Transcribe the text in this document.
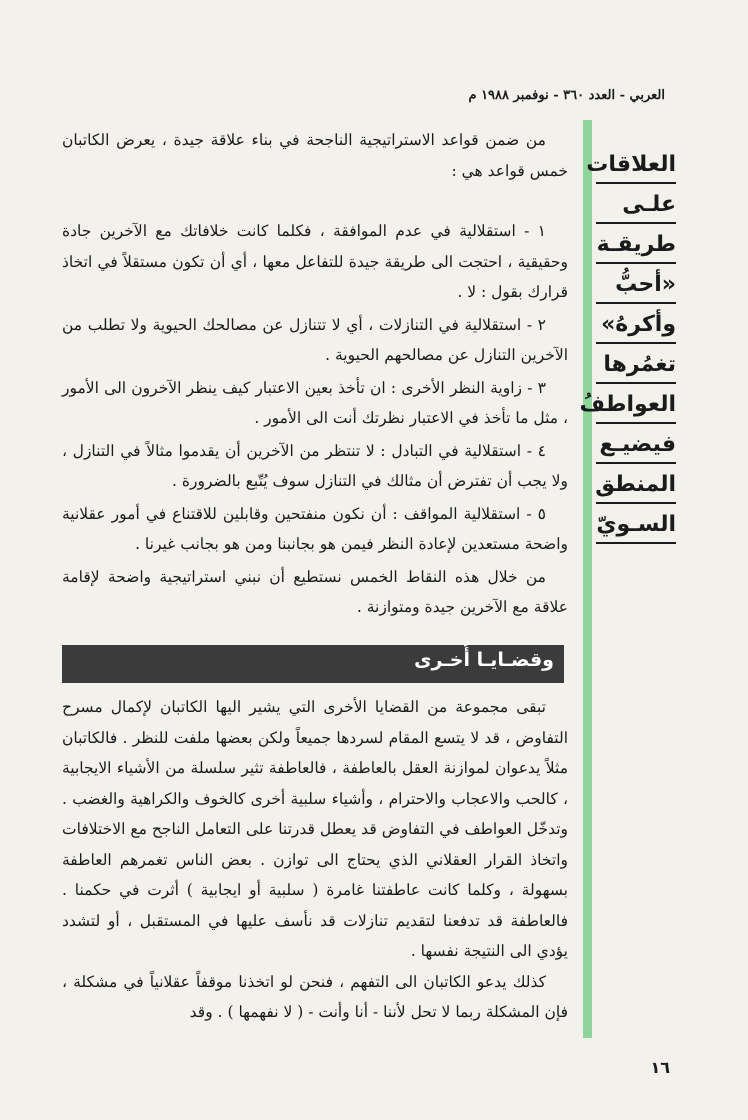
العربي - العدد ٣٦٠ - نوفمبر ١٩٨٨ م
العلاقات
علـى
طريقـة
«أحبُّ
وأكرهُ»
تغمُرها
العواطفُ
فيضيـع
المنطق
السـويّ

من ضمن قواعد الاستراتيجية الناجحة في بناء علاقة جيدة ، يعرض الكاتبان خمس قواعد هي :

١ - استقلالية في عدم الموافقة ، فكلما كانت خلافاتك مع الآخرين جادة وحقيقية ، احتجت الى طريقة جيدة للتفاعل معها ، أي أن تكون مستقلاً في اتخاذ قرارك بقول : لا .

٢ - استقلالية في التنازلات ، أي لا تتنازل عن مصالحك الحيوية ولا تطلب من الآخرين التنازل عن مصالحهم الحيوية .

٣ - زاوية النظر الأخرى : ان تأخذ بعين الاعتبار كيف ينظر الآخرون الى الأمور ، مثل ما تأخذ في الاعتبار نظرتك أنت الى الأمور .

٤ - استقلالية في التبادل : لا تنتظر من الآخرين أن يقدموا مثالاً في التنازل ، ولا يجب أن تفترض أن مثالك في التنازل سوف يُتّبع بالضرورة .

٥ - استقلالية المواقف : أن نكون منفتحين وقابلين للاقتناع في أمور عقلانية واضحة مستعدين لإعادة النظر فيمن هو بجانبنا ومن هو بجانب غيرنا .

من خلال هذه النقاط الخمس نستطيع أن نبني استراتيجية واضحة لإقامة علاقة مع الآخرين جيدة ومتوازنة .

وقضـايـا أُخـرى

تبقى مجموعة من القضايا الأخرى التي يشير اليها الكاتبان لإكمال مسرح التفاوض ، قد لا يتسع المقام لسردها جميعاً ولكن بعضها ملفت للنظر . فالكاتبان مثلاً يدعوان لموازنة العقل بالعاطفة ، فالعاطفة تثير سلسلة من الأشياء الايجابية ، كالحب والاعجاب والاحترام ، وأشياء سلبية أخرى كالخوف والكراهية والغضب . وتدخّل العواطف في التفاوض قد يعطل قدرتنا على التعامل الناجح مع الاختلافات واتخاذ القرار العقلاني الذي يحتاج الى توازن . بعض الناس تغمرهم العاطفة بسهولة ، وكلما كانت عاطفتنا غامرة ( سلبية أو ايجابية ) أثرت في حكمنا . فالعاطفة قد تدفعنا لتقديم تنازلات قد نأسف عليها في المستقبل ، أو لتشدد يؤدي الى النتيجة نفسها .

كذلك يدعو الكاتبان الى التفهم ، فنحن لو اتخذنا موقفاً عقلانياً في مشكلة ، فإن المشكلة ربما لا تحل لأننا - أنا وأنت - ( لا نفهمها ) . وقد

١٦
